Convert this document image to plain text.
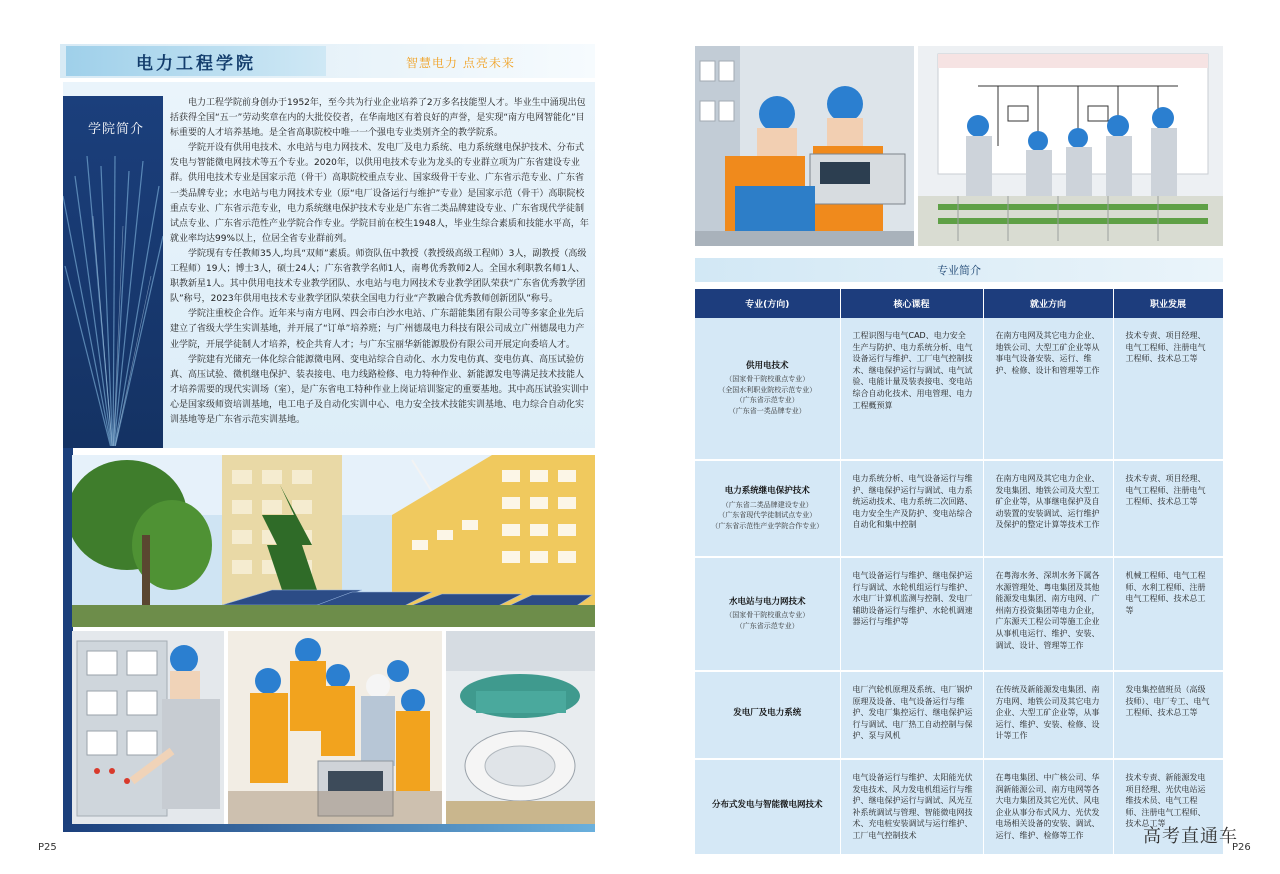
电力工程学院	智慧电力 点亮未来
学院简介

电力工程学院前身创办于1952年，至今共为行业企业培养了2万多名技能型人才。毕业生中涌现出包括获得全国“五一”劳动奖章在内的大批佼佼者，在华南地区有着良好的声誉，是实现“南方电网智能化”目标重要的人才培养基地。是全省高职院校中唯一一个强电专业类别齐全的教学院系。

学院开设有供用电技术、水电站与电力网技术、发电厂及电力系统、电力系统继电保护技术、分布式发电与智能微电网技术等五个专业。2020年，以供用电技术专业为龙头的专业群立项为广东省建设专业群。供用电技术专业是国家示范（骨干）高职院校重点专业、国家级骨干专业、广东省示范专业、广东省一类品牌专业；水电站与电力网技术专业（原“电厂设备运行与维护”专业）是国家示范（骨干）高职院校重点专业、广东省示范专业，电力系统继电保护技术专业是广东省二类品牌建设专业、广东省现代学徒制试点专业、广东省示范性产业学院合作专业。学院目前在校生1948人，毕业生综合素质和技能水平高，年就业率均达99%以上，位居全省专业群前列。

学院现有专任教师35人,均具“双师”素质。师资队伍中教授（教授级高级工程师）3人，副教授（高级工程师）19人；博士3人，硕士24人；广东省教学名师1人，南粤优秀教师2人。全国水利职教名师1人、职教新星1人。其中供用电技术专业教学团队、水电站与电力网技术专业教学团队荣获“广东省优秀教学团队”称号，2023年供用电技术专业教学团队荣获全国电力行业“产教融合优秀教师创新团队”称号。

学院注重校企合作。近年来与南方电网、四会市白沙水电站、广东韶能集团有限公司等多家企业先后建立了省级大学生实训基地，并开展了“订单”培养班；与广州德晟电力科技有限公司成立广州德晟电力产业学院，开展学徒制人才培养，校企共育人才；与广东宝丽华新能源股份有限公司开展定向委培人才。

学院建有光储充一体化综合能源微电网、变电站综合自动化、水力发电仿真、变电仿真、高压试验仿真、高压试验、微机继电保护、装表接电、电力线路检修、电力特种作业、新能源发电等满足技术技能人才培养需要的现代实训场（室），是广东省电工特种作业上岗证培训鉴定的重要基地。其中高压试验实训中心是国家级师资培训基地，电工电子及自动化实训中心、电力安全技术技能实训基地、电力综合自动化实训基地等是广东省示范实训基地。

P25
专业简介
专业(方向)	核心课程	就业方向	职业发展

供用电技术
（国家骨干院校重点专业）
（全国水利职业院校示范专业）
（广东省示范专业）
（广东省一类品牌专业）	工程识图与电气CAD、电力安全生产与防护、电力系统分析、电气设备运行与维护、工厂电气控制技术、继电保护运行与调试、电气试验、电能计量及装表接电、变电站综合自动化技术、用电管理、电力工程概预算	在南方电网及其它电力企业、地铁公司、大型工矿企业等从事电气设备安装、运行、维护、检修、设计和管理等工作	技术专责、项目经理、电气工程师、注册电气工程师、技术总工等

电力系统继电保护技术
（广东省二类品牌建设专业）
（广东省现代学徒制试点专业）
（广东省示范性产业学院合作专业）	电力系统分析、电气设备运行与维护、继电保护运行与调试、电力系统运动技术、电力系统二次回路、电力安全生产及防护、变电站综合自动化和集中控制	在南方电网及其它电力企业、发电集团、地铁公司及大型工矿企业等，从事继电保护及自动装置的安装调试、运行维护及保护的整定计算等技术工作	技术专责、项目经理、电气工程师、注册电气工程师、技术总工等

水电站与电力网技术
（国家骨干院校重点专业）
（广东省示范专业）	电气设备运行与维护、继电保护运行与调试、水轮机组运行与维护、水电厂计算机监测与控制、发电厂辅助设备运行与维护、水轮机调速器运行与维护等	在粤海水务、深圳水务下属各水源管理处、粤电集团及其他能源发电集团、南方电网、广州南方投资集团等电力企业，广东源天工程公司等施工企业从事机电运行、维护、安装、调试、设计、管理等工作	机械工程师、电气工程师、水利工程师、注册电气工程师、技术总工等

发电厂及电力系统	电厂汽轮机原理及系统、电厂锅炉原理及设备、电气设备运行与维护、发电厂集控运行、继电保护运行与调试、电厂热工自动控制与保护、泵与风机	在传统及新能源发电集团、南方电网、地铁公司及其它电力企业、大型工矿企业等，从事运行、维护、安装、检修、设计等工作	发电集控值班员（高级技师）、电厂专工、电气工程师、技术总工等

分布式发电与智能微电网技术	电气设备运行与维护、太阳能光伏发电技术、风力发电机组运行与维护、继电保护运行与调试、风光互补系统调试与管理、智能微电网技术、充电桩安装调试与运行维护、工厂电气控制技术	在粤电集团、中广核公司、华润新能源公司、南方电网等各大电力集团及其它光伏、风电企业从事分布式风力、光伏发电场相关设备的安装、调试、运行、维护、检修等工作	技术专责、新能源发电项目经理、光伏电站运维技术员、电气工程师、注册电气工程师、技术总工等
高考直通车
P26
